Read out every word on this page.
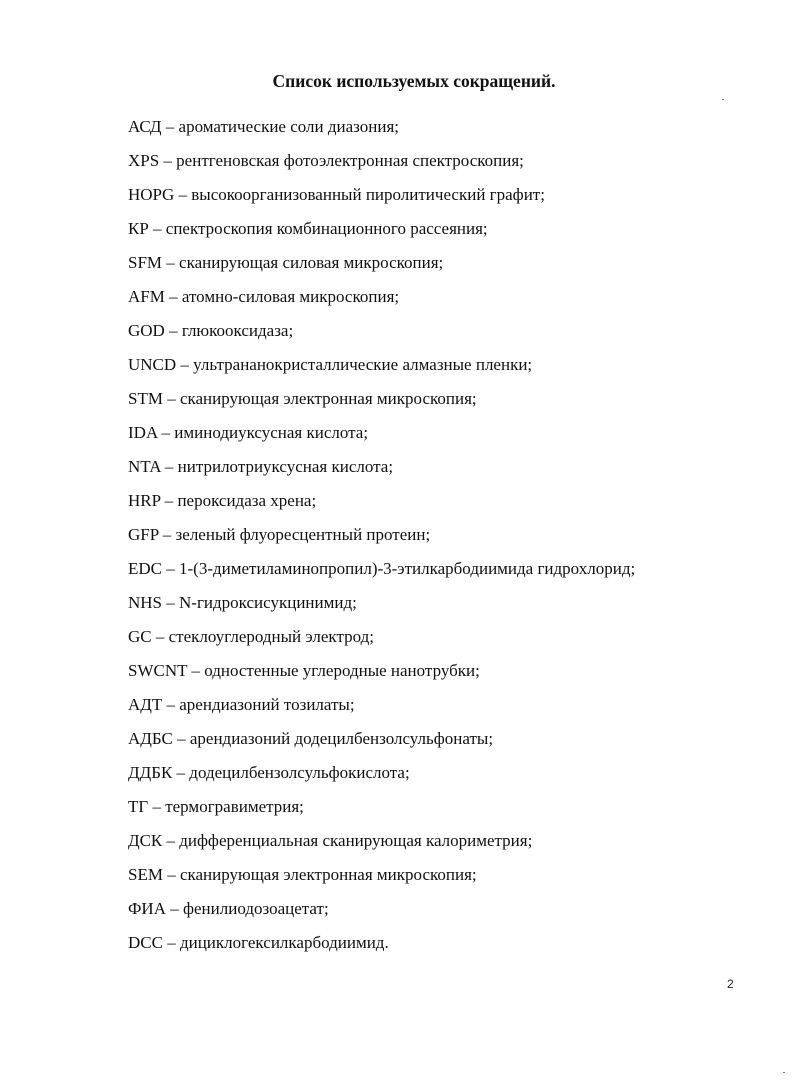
Список используемых сокращений.
АСД – ароматические соли диазония;
XPS – рентгеновская фотоэлектронная спектроскопия;
HOPG – высокоорганизованный пиролитический графит;
КР – спектроскопия комбинационного рассеяния;
SFM – сканирующая силовая микроскопия;
AFM – атомно-силовая микроскопия;
GOD – глюкооксидаза;
UNCD – ультрананокристаллические алмазные пленки;
STM – сканирующая электронная микроскопия;
IDA – иминодиуксусная кислота;
NTA – нитрилотриуксусная кислота;
HRP – пероксидаза хрена;
GFP – зеленый флуоресцентный протеин;
EDC – 1-(3-диметиламинопропил)-3-этилкарбодиимида гидрохлорид;
NHS – N-гидроксисукцинимид;
GC – стеклоуглеродный электрод;
SWCNT – одностенные углеродные нанотрубки;
АДТ – арендиазоний тозилаты;
АДБС – арендиазоний додецилбензолсульфонаты;
ДДБК – додецилбензолсульфокислота;
ТГ – термогравиметрия;
ДСК – дифференциальная сканирующая калориметрия;
SEM – сканирующая электронная микроскопия;
ФИА – фенилиодозоацетат;
DCC – дициклогексилкарбодиимид.
2
